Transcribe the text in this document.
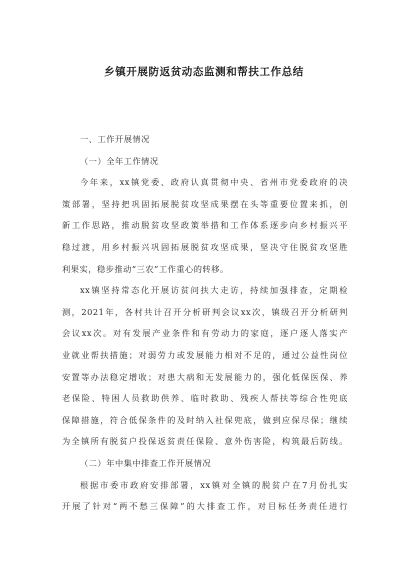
乡镇开展防返贫动态监测和帮扶工作总结
一、工作开展情况
（一）全年工作情况
今年来，xx镇党委、政府认真贯彻中央、省州市党委政府的决
策部署，坚持把巩固拓展脱贫攻坚成果摆在头等重要位置来抓，创
新工作思路，推动脱贫攻坚政策举措和工作体系逐步向乡村振兴平
稳过渡，用乡村振兴巩固拓展脱贫攻坚成果，坚决守住脱贫攻坚胜
利果实，稳步推动“三农”工作重心的转移。
xx镇坚持常态化开展访贫问扶大走访，持续加强排查，定期检
测，2021年，各村共计召开分析研判会议xx次，镇级召开分析研判
会议xx次。对有发展产业条件和有劳动力的家庭，逐户逐人落实产
业就业帮扶措施；对弱劳力或发展能力相对不足的，通过公益性岗位
安置等办法稳定增收；对患大病和无发展能力的，强化低保医保、养
老保险、特困人员救助供养、临时救助、残疾人帮扶等综合性兜底
保障措施，符合低保条件的及时纳入社保兜底，做到应保尽保；继续
为全镇所有脱贫户投保返贫责任保险、意外伤害险，构筑最后防线。
（二）年中集中排查工作开展情况
根据市委市政府安排部署，xx镇对全镇的脱贫户在7月份扎实
开展了针对“两不愁三保障”的大排查工作，对目标任务责任进行
